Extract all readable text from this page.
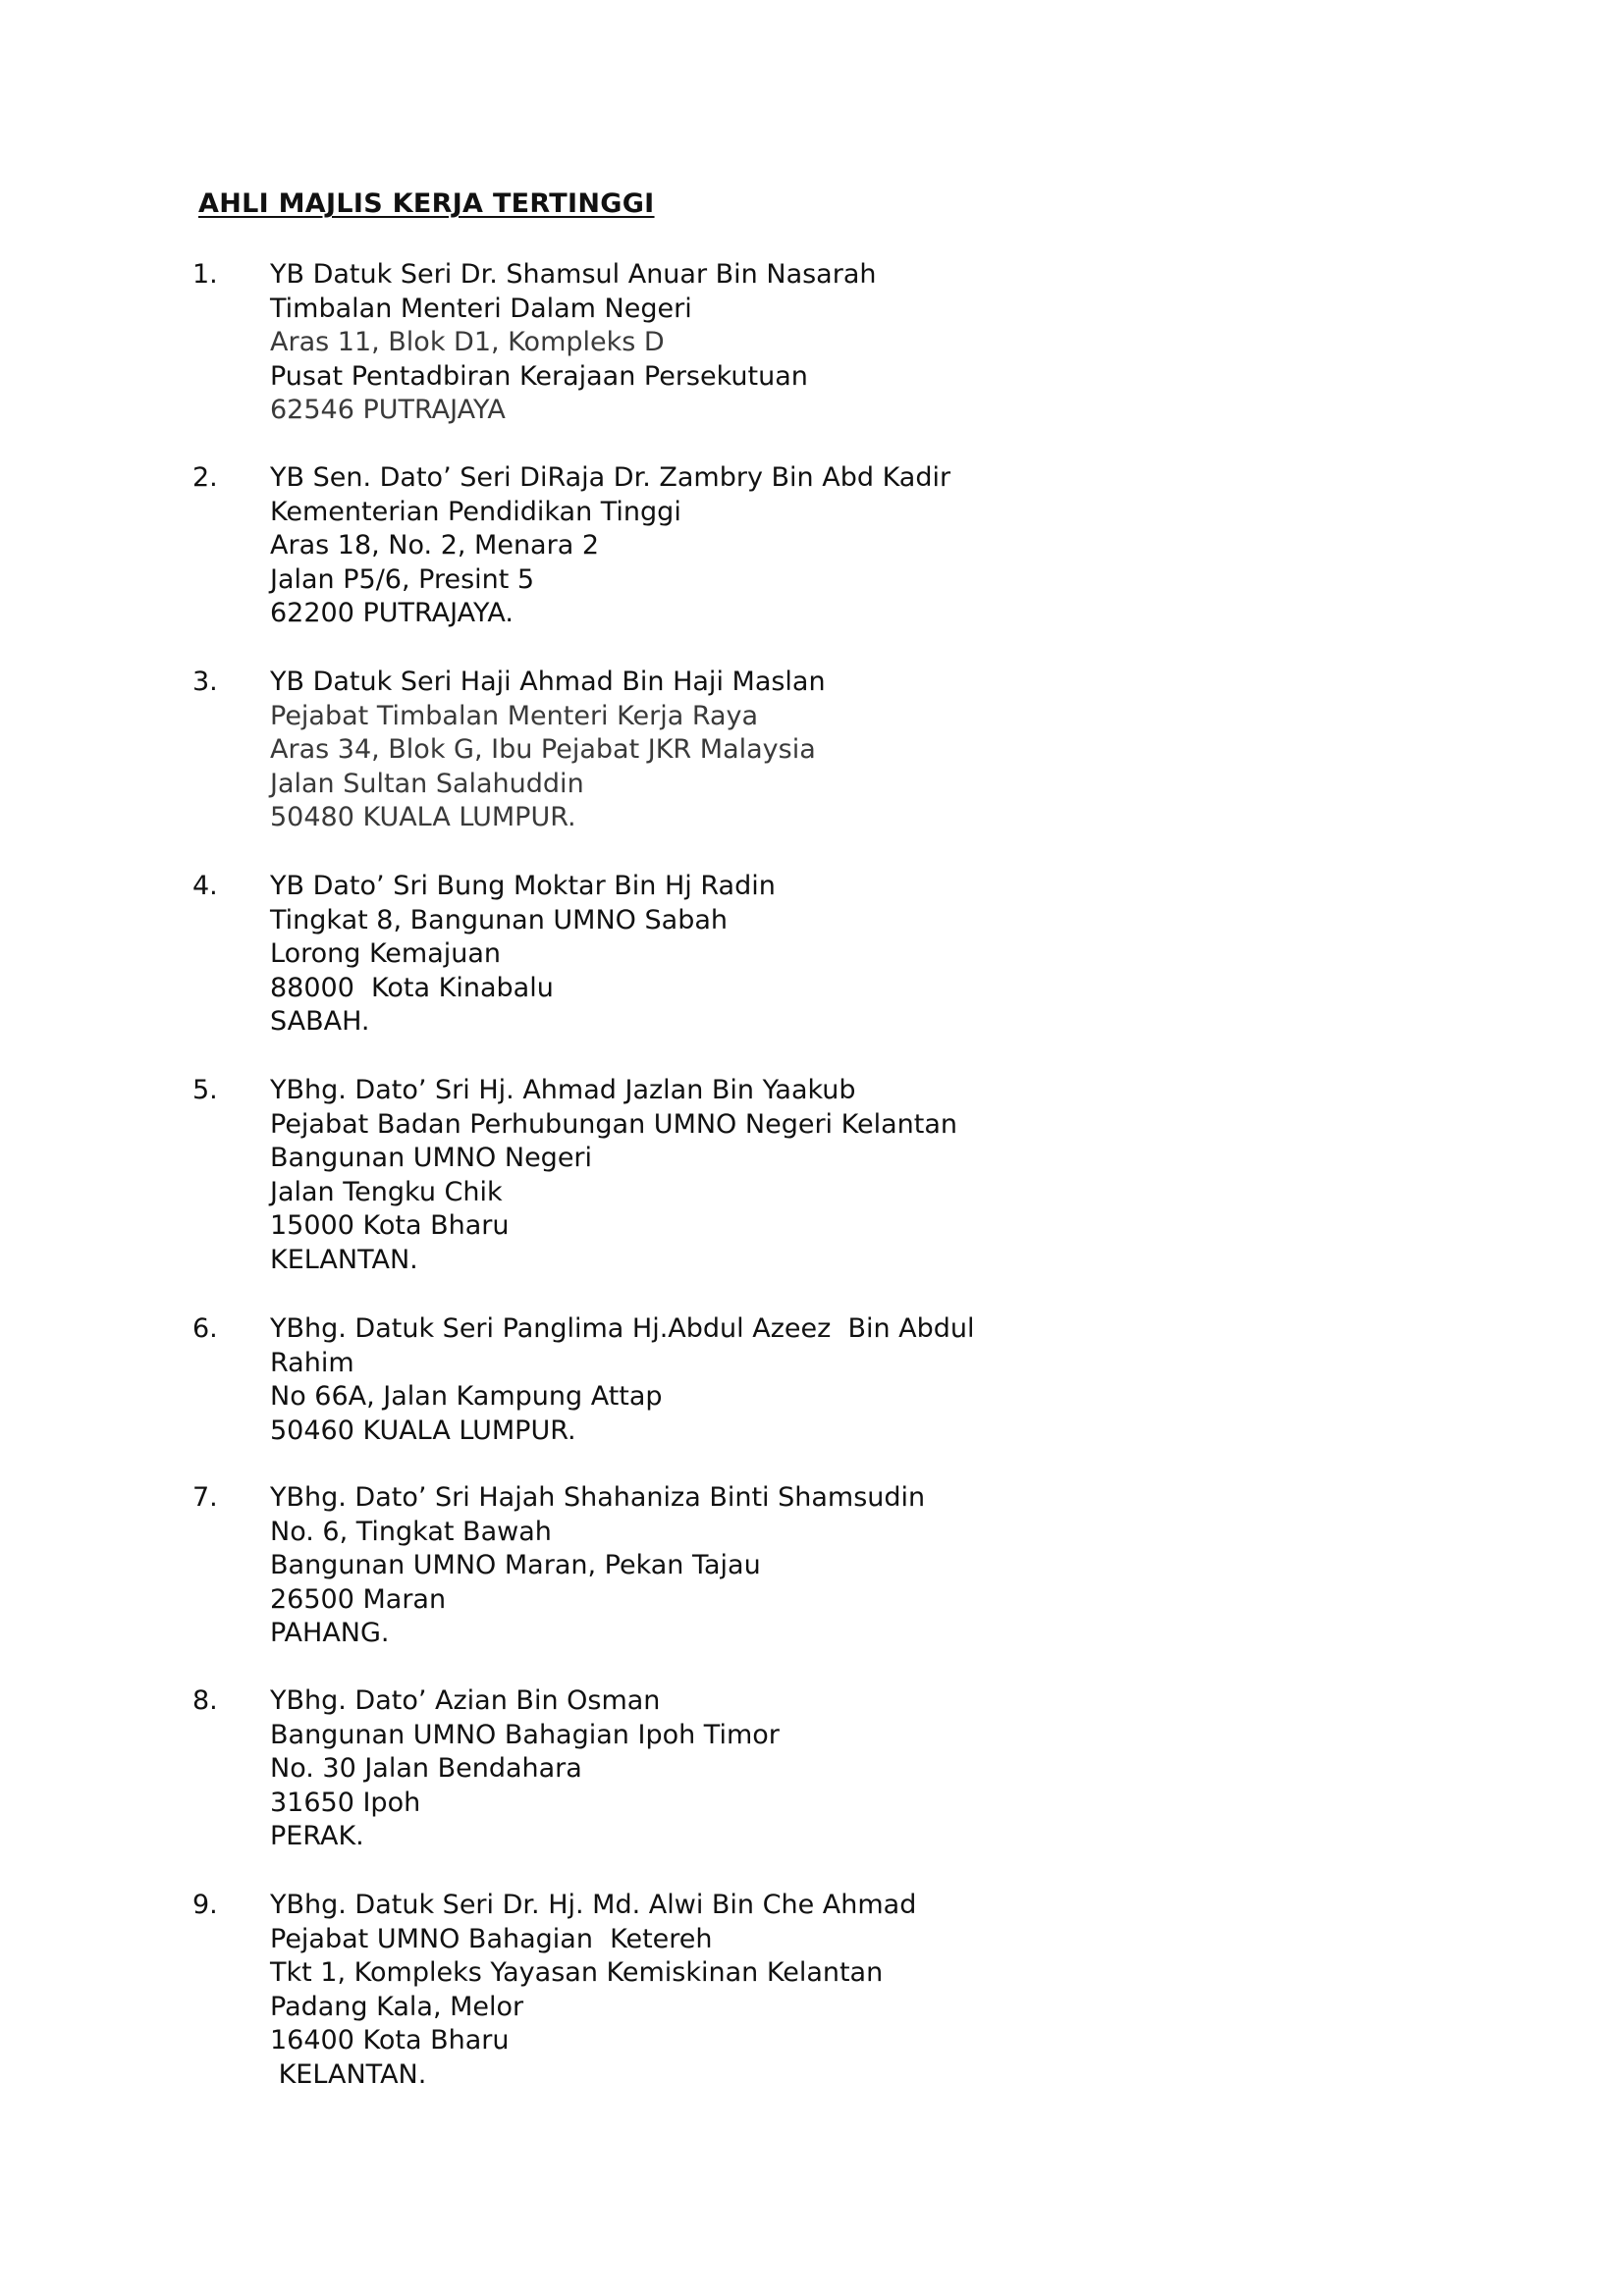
AHLI MAJLIS KERJA TERTINGGI
1. YB Datuk Seri Dr. Shamsul Anuar Bin Nasarah
Timbalan Menteri Dalam Negeri
Aras 11, Blok D1, Kompleks D
Pusat Pentadbiran Kerajaan Persekutuan
62546 PUTRAJAYA
2. YB Sen. Dato’ Seri DiRaja Dr. Zambry Bin Abd Kadir
Kementerian Pendidikan Tinggi
Aras 18, No. 2, Menara 2
Jalan P5/6, Presint 5
62200 PUTRAJAYA.
3. YB Datuk Seri Haji Ahmad Bin Haji Maslan
Pejabat Timbalan Menteri Kerja Raya
Aras 34, Blok G, Ibu Pejabat JKR Malaysia
Jalan Sultan Salahuddin
50480 KUALA LUMPUR.
4. YB Dato’ Sri Bung Moktar Bin Hj Radin
Tingkat 8, Bangunan UMNO Sabah
Lorong Kemajuan
88000  Kota Kinabalu
SABAH.
5. YBhg. Dato’ Sri Hj. Ahmad Jazlan Bin Yaakub
Pejabat Badan Perhubungan UMNO Negeri Kelantan
Bangunan UMNO Negeri
Jalan Tengku Chik
15000 Kota Bharu
KELANTAN.
6. YBhg. Datuk Seri Panglima Hj.Abdul Azeez  Bin Abdul
Rahim
No 66A, Jalan Kampung Attap
50460 KUALA LUMPUR.
7. YBhg. Dato’ Sri Hajah Shahaniza Binti Shamsudin
No. 6, Tingkat Bawah
Bangunan UMNO Maran, Pekan Tajau
26500 Maran
PAHANG.
8. YBhg. Dato’ Azian Bin Osman
Bangunan UMNO Bahagian Ipoh Timor
No. 30 Jalan Bendahara
31650 Ipoh
PERAK.
9. YBhg. Datuk Seri Dr. Hj. Md. Alwi Bin Che Ahmad
Pejabat UMNO Bahagian  Ketereh
Tkt 1, Kompleks Yayasan Kemiskinan Kelantan
Padang Kala, Melor
16400 Kota Bharu
KELANTAN.
